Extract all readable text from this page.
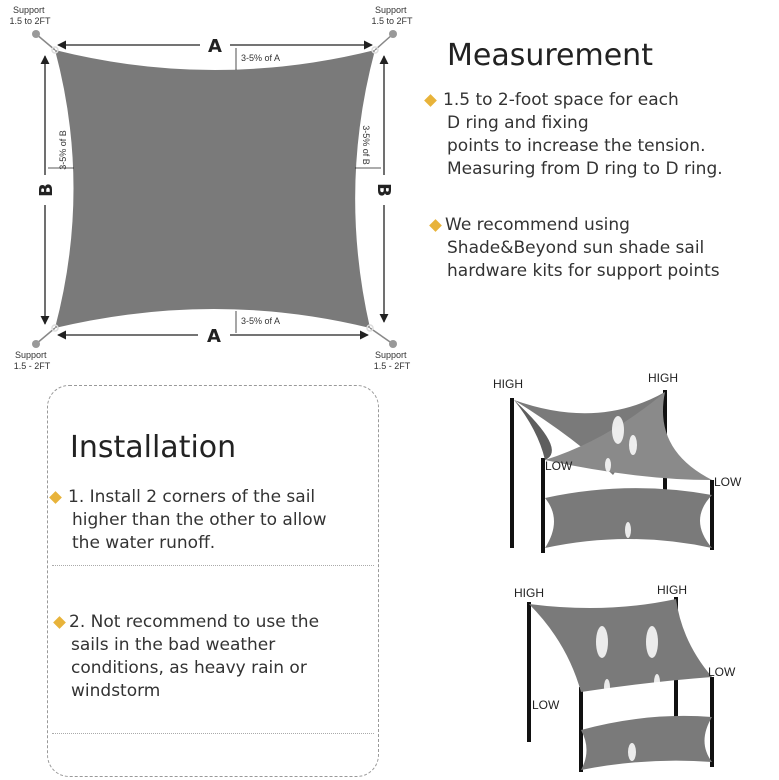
Support 1.5 to 2FT
Support 1.5 to 2FT
Support 1.5 - 2FT
Support 1.5 - 2FT
A
3-5% of A
A
3-5% of A
B
3-5% of B
B
3-5% of B
Measurement
1.5 to 2-foot space for each
D ring and fixing
points to increase the tension.
Measuring from D ring to D ring.
We recommend using
Shade&Beyond sun shade sail
hardware kits for support points
Installation
1. Install 2 corners of the sail
higher than the other to allow
the water runoff.
2. Not recommend to use the
sails in the bad weather
conditions, as heavy rain or
windstorm
HIGH	HIGH
LOW
LOW
HIGH	HIGH
LOW
LOW
